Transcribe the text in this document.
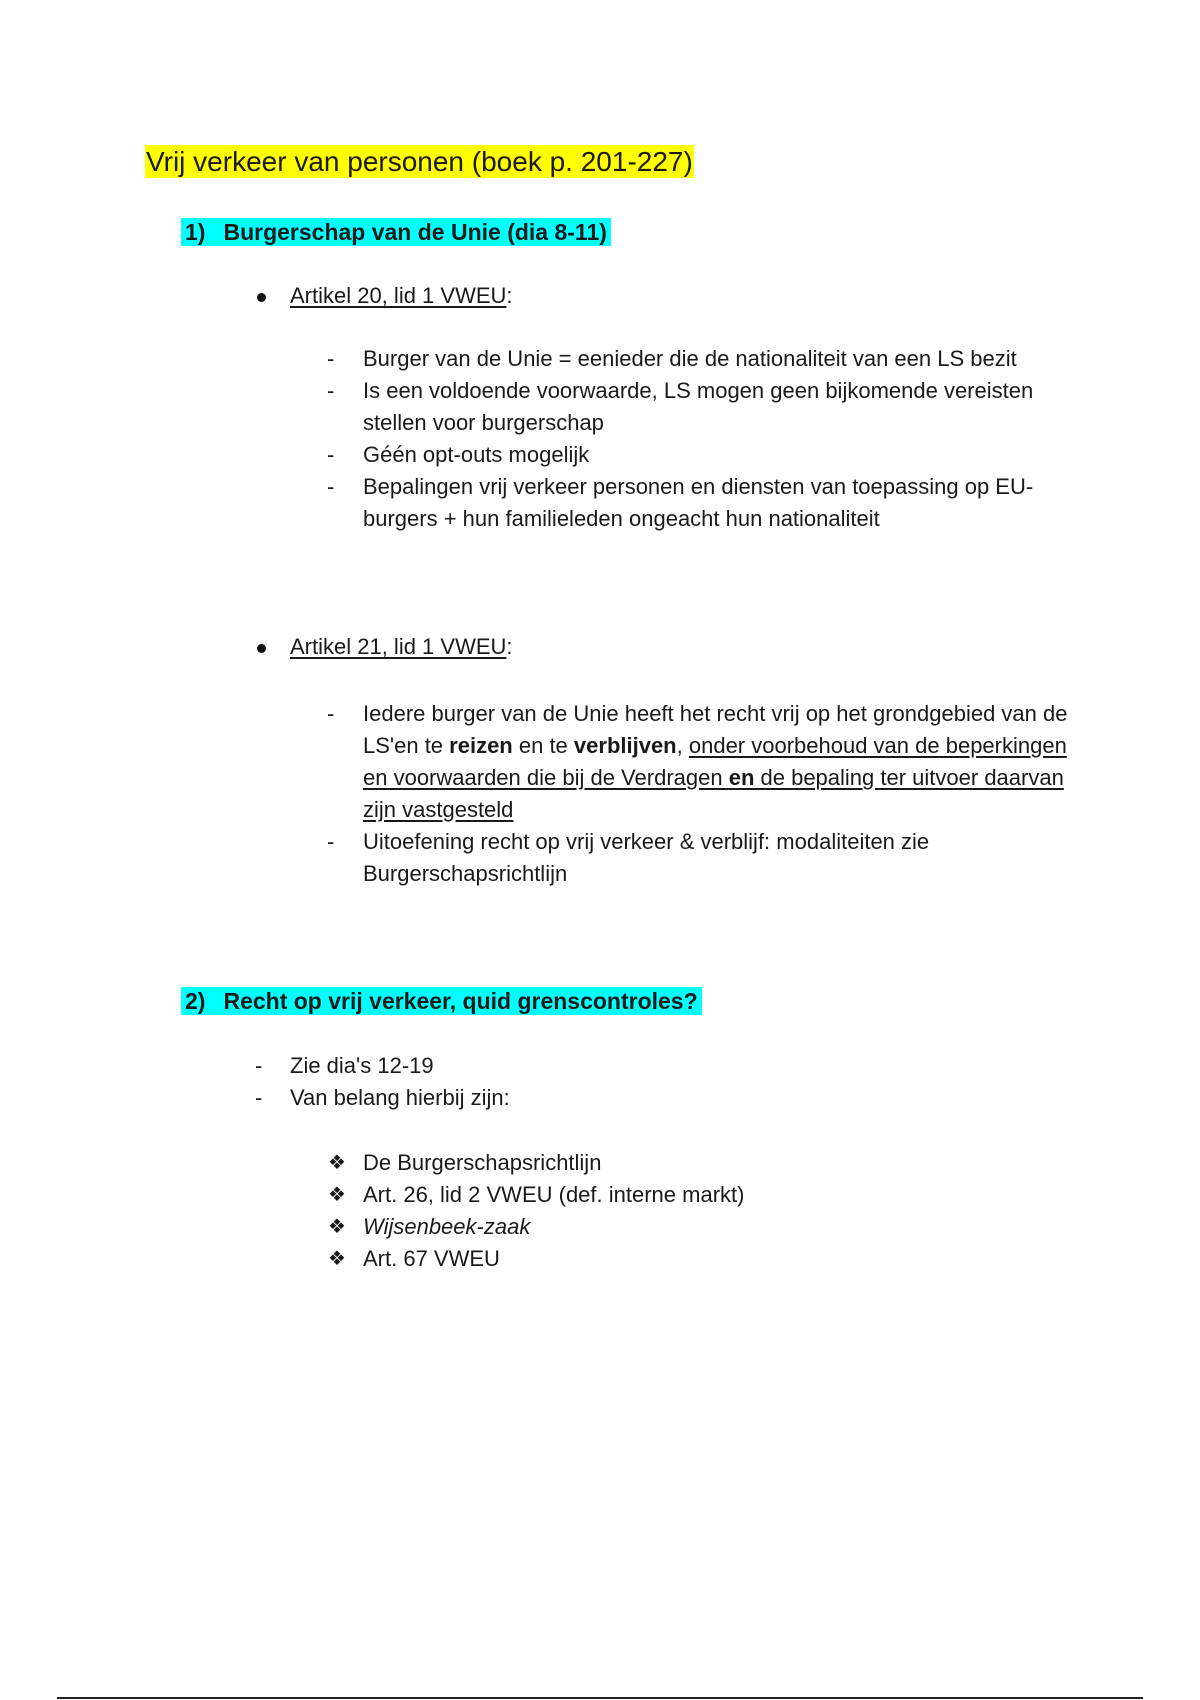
Vrij verkeer van personen (boek p. 201-227)
1) Burgerschap van de Unie (dia 8-11)
Artikel 20, lid 1 VWEU:
- Burger van de Unie = eenieder die de nationaliteit van een LS bezit
- Is een voldoende voorwaarde, LS mogen geen bijkomende vereisten stellen voor burgerschap
- Géén opt-outs mogelijk
- Bepalingen vrij verkeer personen en diensten van toepassing op EU-burgers + hun familieleden ongeacht hun nationaliteit
Artikel 21, lid 1 VWEU:
- Iedere burger van de Unie heeft het recht vrij op het grondgebied van de LS'en te reizen en te verblijven, onder voorbehoud van de beperkingen en voorwaarden die bij de Verdragen en de bepaling ter uitvoer daarvan zijn vastgesteld
- Uitoefening recht op vrij verkeer & verblijf: modaliteiten zie Burgerschapsrichtlijn
2) Recht op vrij verkeer, quid grenscontroles?
- Zie dia's 12-19
- Van belang hierbij zijn:
❖ De Burgerschapsrichtlijn
❖ Art. 26, lid 2 VWEU (def. interne markt)
❖ Wijsenbeek-zaak
❖ Art. 67 VWEU
